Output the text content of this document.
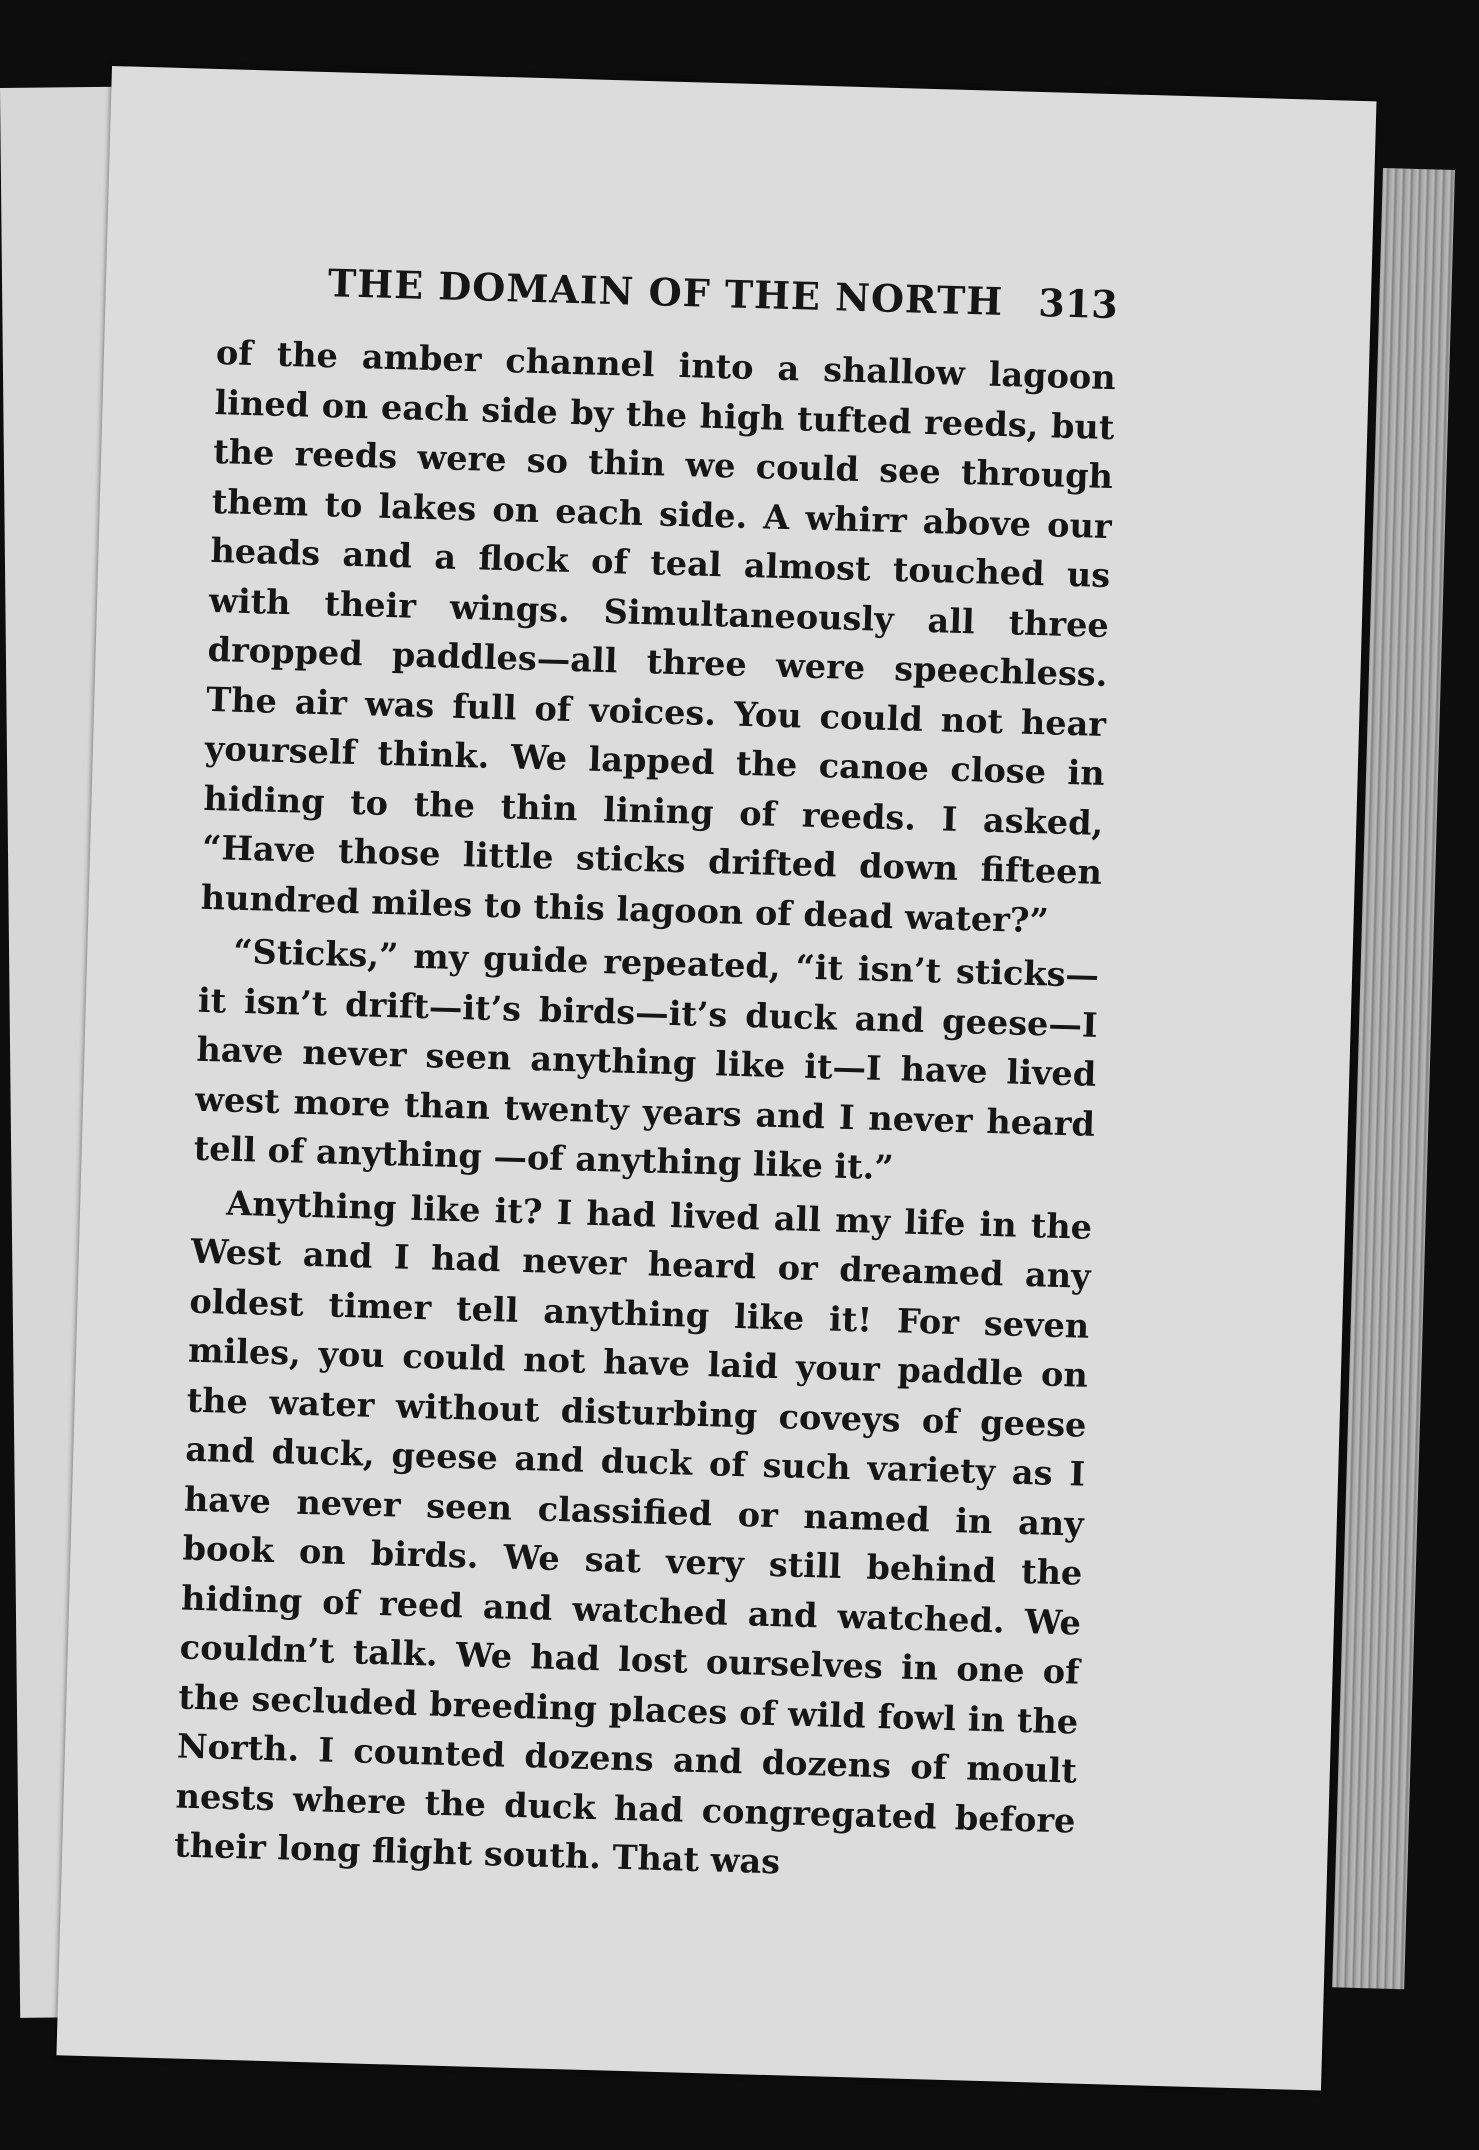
THE DOMAIN OF THE NORTH 313

of the amber channel into a shallow lagoon lined on each side by the high tufted reeds, but the reeds were so thin we could see through them to lakes on each side. A whirr above our heads and a flock of teal almost touched us with their wings. Simultaneously all three dropped paddles—all three were speechless. The air was full of voices. You could not hear yourself think. We lapped the canoe close in hiding to the thin lining of reeds. I asked, “Have those little sticks drifted down fifteen hundred miles to this lagoon of dead water?”

“Sticks,” my guide repeated, “it isn’t sticks—it isn’t drift—it’s birds—it’s duck and geese—I have never seen anything like it—I have lived west more than twenty years and I never heard tell of anything —of anything like it.”

Anything like it? I had lived all my life in the West and I had never heard or dreamed any oldest timer tell anything like it! For seven miles, you could not have laid your paddle on the water without disturbing coveys of geese and duck, geese and duck of such variety as I have never seen classified or named in any book on birds. We sat very still behind the hiding of reed and watched and watched. We couldn’t talk. We had lost ourselves in one of the secluded breeding places of wild fowl in the North. I counted dozens and dozens of moult nests where the duck had congregated before their long flight south. That was
